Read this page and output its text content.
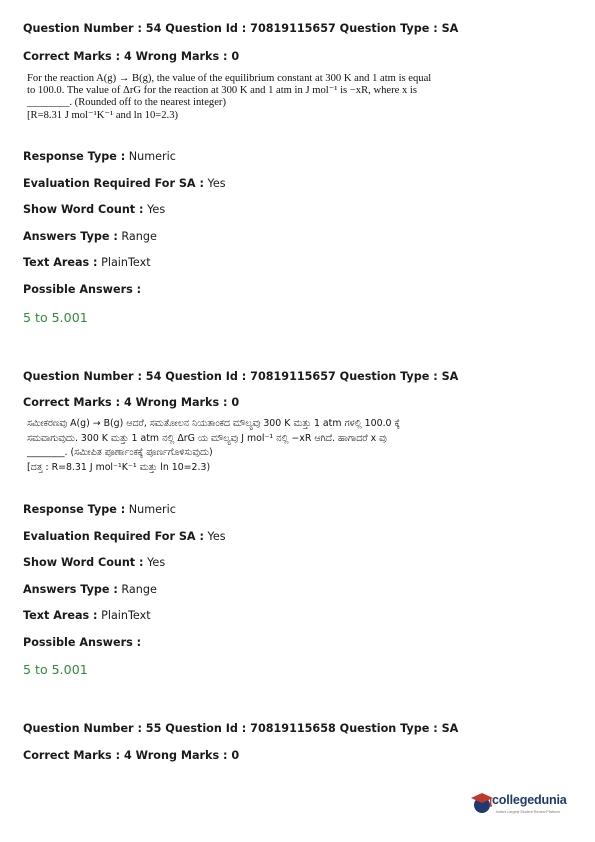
Question Number : 54 Question Id : 70819115657 Question Type : SA
Correct Marks : 4 Wrong Marks : 0
For the reaction A(g) → B(g), the value of the equilibrium constant at 300 K and 1 atm is equal
to 100.0. The value of ΔrG for the reaction at 300 K and 1 atm in J mol⁻¹ is −xR, where x is
________. (Rounded off to the nearest integer)
[R=8.31 J mol⁻¹K⁻¹ and ln 10=2.3)
Response Type : Numeric
Evaluation Required For SA : Yes
Show Word Count : Yes
Answers Type : Range
Text Areas : PlainText
Possible Answers :
5 to 5.001
Question Number : 54 Question Id : 70819115657 Question Type : SA
Correct Marks : 4 Wrong Marks : 0
ಸಮೀಕರಣವು A(g) → B(g) ಆದರೆ, ಸಮತೋಲನ ನಿಯತಾಂಕದ ಮೌಲ್ಯವು 300 K ಮತ್ತು 1 atm ಗಳಲ್ಲಿ 100.0 ಕ್ಕೆ
ಸಮವಾಗುವುದು. 300 K ಮತ್ತು 1 atm ನಲ್ಲಿ ΔrG ಯ ಮೌಲ್ಯವು J mol⁻¹ ನಲ್ಲಿ −xR ಆಗಿದೆ. ಹಾಗಾದರೆ x ವು
________. (ಸಮೀಪಿತ ಪೂರ್ಣಾಂಕಕ್ಕೆ ಪೂರ್ಣಗೊಳಿಸುವುದು)
[ದತ್ತ : R=8.31 J mol⁻¹K⁻¹ ಮತ್ತು ln 10=2.3)
Response Type : Numeric
Evaluation Required For SA : Yes
Show Word Count : Yes
Answers Type : Range
Text Areas : PlainText
Possible Answers :
5 to 5.001
Question Number : 55 Question Id : 70819115658 Question Type : SA
Correct Marks : 4 Wrong Marks : 0
collegedunia
India's Largest Student Review Platform
